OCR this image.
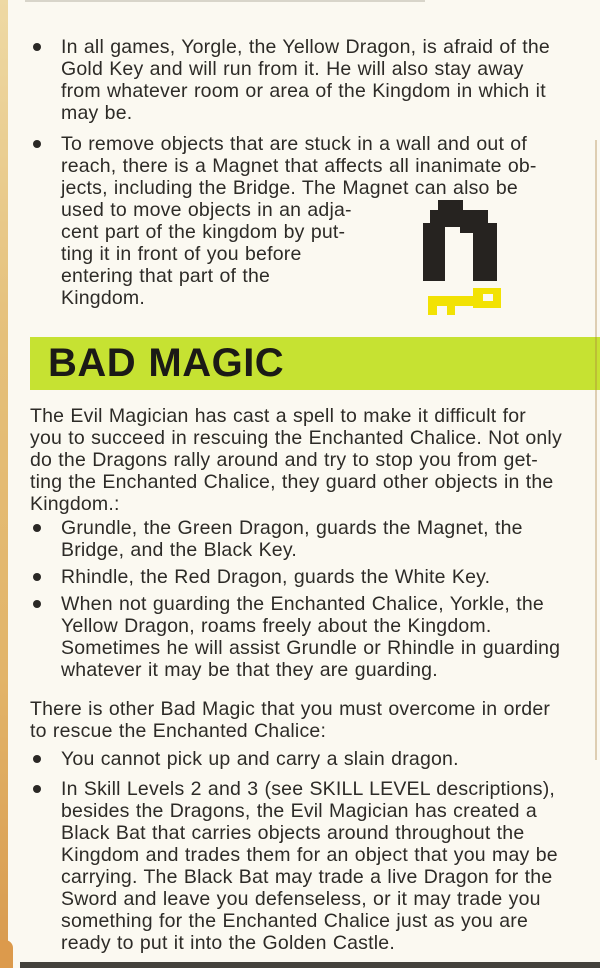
In all games, Yorgle, the Yellow Dragon, is afraid of the
Gold Key and will run from it. He will also stay away
from whatever room or area of the Kingdom in which it
may be.
To remove objects that are stuck in a wall and out of
reach, there is a Magnet that affects all inanimate ob-
jects, including the Bridge. The Magnet can also be
used to move objects in an adja-
cent part of the kingdom by put-
ting it in front of you before
entering that part of the
Kingdom.
BAD MAGIC
The Evil Magician has cast a spell to make it difficult for
you to succeed in rescuing the Enchanted Chalice. Not only
do the Dragons rally around and try to stop you from get-
ting the Enchanted Chalice, they guard other objects in the
Kingdom.:
Grundle, the Green Dragon, guards the Magnet, the
Bridge, and the Black Key.
Rhindle, the Red Dragon, guards the White Key.
When not guarding the Enchanted Chalice, Yorkle, the
Yellow Dragon, roams freely about the Kingdom.
Sometimes he will assist Grundle or Rhindle in guarding
whatever it may be that they are guarding.
There is other Bad Magic that you must overcome in order
to rescue the Enchanted Chalice:
You cannot pick up and carry a slain dragon.
In Skill Levels 2 and 3 (see SKILL LEVEL descriptions),
besides the Dragons, the Evil Magician has created a
Black Bat that carries objects around throughout the
Kingdom and trades them for an object that you may be
carrying. The Black Bat may trade a live Dragon for the
Sword and leave you defenseless, or it may trade you
something for the Enchanted Chalice just as you are
ready to put it into the Golden Castle.
